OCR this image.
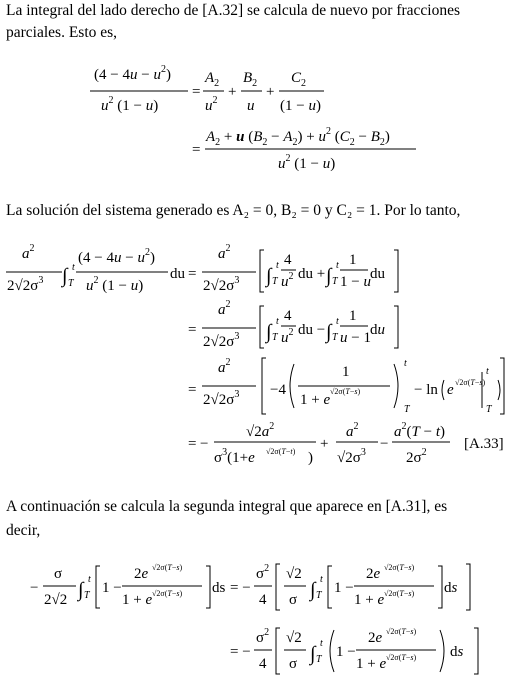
La integral del lado derecho de [A.32] se calcula de nuevo por fracciones
parciales. Esto es,
$(4 - 4u - u^2)$
$u^2$ (1 − u)
=
$A_2$
$u^2$
+
$B_2$
u
+
$C_2$
(1 − u)
=
$A_2 + u$ $(B_2 - A_2) + u^2$ $(C_2 - B_2)$
$u^2$ (1 − u)
La solución del sistema generado es A₂ = 0, B₂ = 0 y C₂ = 1. Por lo tanto,
$a^2$
$2√2\sigma^3$ ∫ t
T
$(4 - 4u - u^2)$
$u^2$ (1 − u)
du =
$a^2$
$2√2\sigma^3$ ∫ t
T
4
$u^2$ du + ∫ t
T
1
1 − u du
=
$a^2$
$2√2\sigma^3$ ∫ t
T
4
$u^2$ du − ∫ t
T
1
u − 1 du
=
$a^2$
$2√2\sigma^3 -4$
1
1 + e
√2σ(T−s)
t
T
− ln e √2σ(T−s)
t
T
= −
$√2a^2$
$\sigma^3(1+e$ √2σ(T−t) )
+
$a^2$
$√2\sigma^3$
−
$a^2(T - t)$
$2\sigma^2$
[A.33]
A continuación se calcula la segunda integral que aparece en [A.31], es
decir,
−
σ
2√2 ∫ t
T 1 −
2e √2σ(T−s)
1 + e √2σ(T−s) ds = −
$\sigma^2$
4
√2
σ ∫ t
T 1 −
2e √2σ(T−s)
1 + e √2σ(T−s) ds
= −
$\sigma^2$
4
√2
σ ∫ t
T 1 −
2e √2σ(T−s)
1 + e √2σ(T−s) ds
